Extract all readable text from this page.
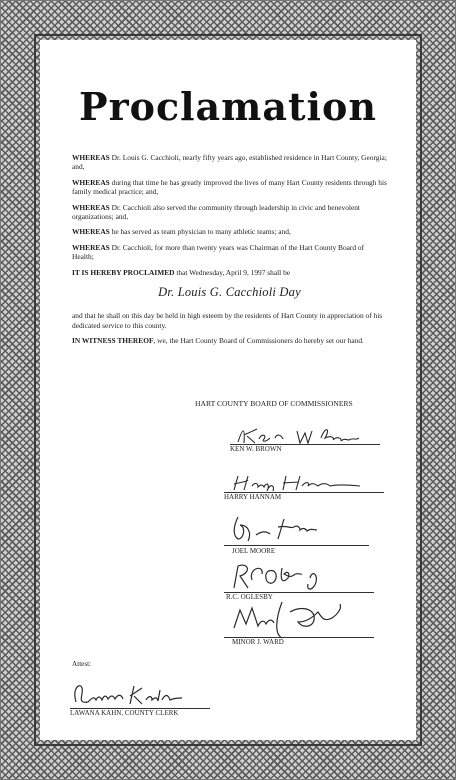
Proclamation

WHEREAS Dr. Louis G. Cacchioli, nearly fifty years ago, established residence in Hart County, Georgia; and,

WHEREAS during that time he has greatly improved the lives of many Hart County residents through his family medical practice; and,

WHEREAS Dr. Cacchioli also served the community through leadership in civic and benevolent organizations; and,

WHEREAS he has served as team physician to many athletic teams; and,

WHEREAS Dr. Cacchioli, for more than twenty years was Chairman of the Hart County Board of Health;

IT IS HEREBY PROCLAIMED that Wednesday, April 9, 1997 shall be

Dr. Louis G. Cacchioli Day

and that he shall on this day be held in high esteem by the residents of Hart County in appreciation of his dedicated service to this county.

IN WITNESS THEREOF, we, the Hart County Board of Commissioners do hereby set our hand.

HART COUNTY BOARD OF COMMISSIONERS
KEN W. BROWN
HARRY HANNAM
JOEL MOORE
R.C. OGLESBY
MINOR J. WARD
Attest:
LAWANA KAHN, COUNTY CLERK
